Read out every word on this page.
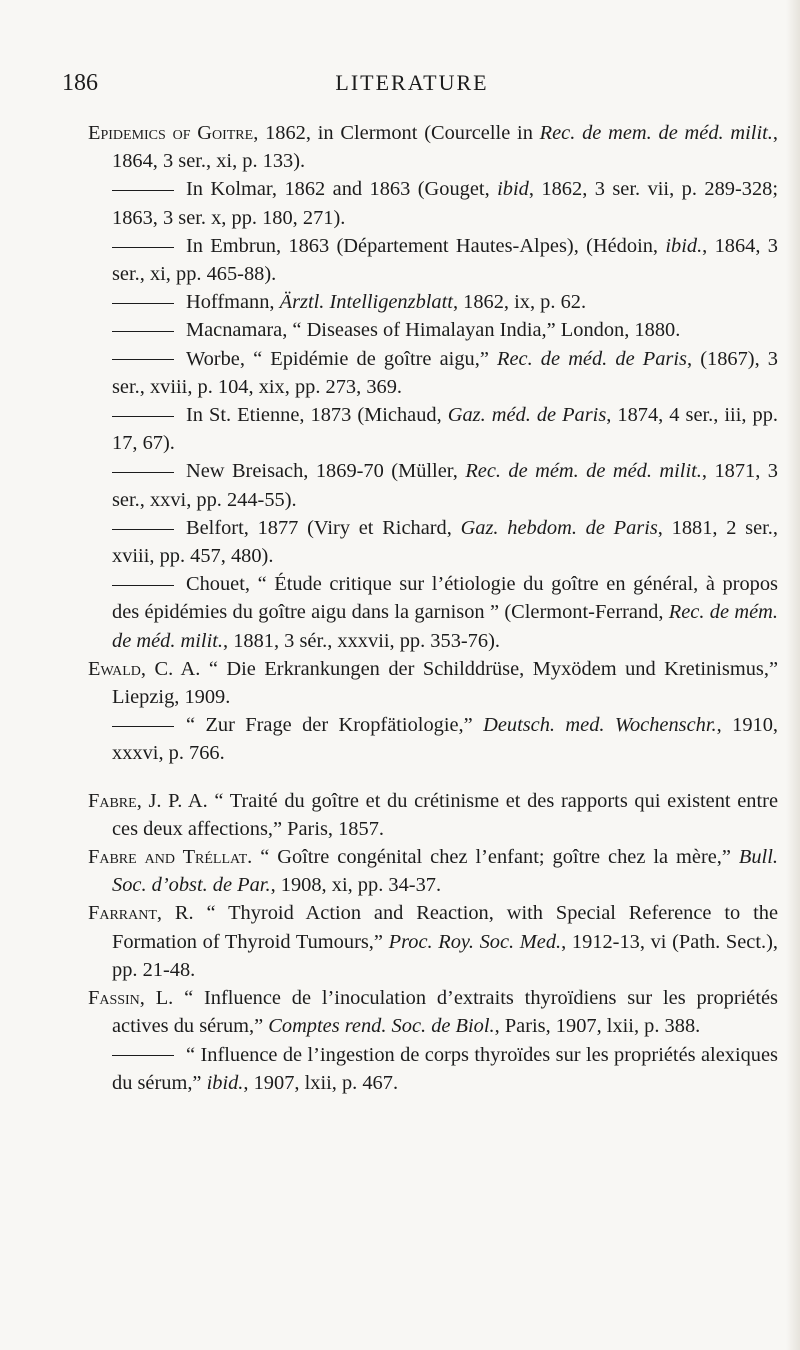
186	LITERATURE
Epidemics of Goitre, 1862, in Clermont (Courcelle in Rec. de mem. de méd. milit., 1864, 3 ser., xi, p. 133).
In Kolmar, 1862 and 1863 (Gouget, ibid, 1862, 3 ser. vii, p. 289-328; 1863, 3 ser. x, pp. 180, 271).
In Embrun, 1863 (Département Hautes-Alpes), (Hédoin, ibid., 1864, 3 ser., xi, pp. 465-88).
Hoffmann, Ärztl. Intelligenzblatt, 1862, ix, p. 62.
Macnamara, “ Diseases of Himalayan India,” London, 1880.
Worbe, “ Epidémie de goître aigu,” Rec. de méd. de Paris, (1867), 3 ser., xviii, p. 104, xix, pp. 273, 369.
In St. Etienne, 1873 (Michaud, Gaz. méd. de Paris, 1874, 4 ser., iii, pp. 17, 67).
New Breisach, 1869-70 (Müller, Rec. de mém. de méd. milit., 1871, 3 ser., xxvi, pp. 244-55).
Belfort, 1877 (Viry et Richard, Gaz. hebdom. de Paris, 1881, 2 ser., xviii, pp. 457, 480).
Chouet, “ Étude critique sur l’étiologie du goître en général, à propos des épidémies du goître aigu dans la garnison ” (Clermont-Ferrand, Rec. de mém. de méd. milit., 1881, 3 sér., xxxvii, pp. 353-76).
Ewald, C. A. “ Die Erkrankungen der Schilddrüse, Myxödem und Kretinismus,” Liepzig, 1909.
“ Zur Frage der Kropfätiologie,” Deutsch. med. Wochenschr., 1910, xxxvi, p. 766.
Fabre, J. P. A. “ Traité du goître et du crétinisme et des rapports qui existent entre ces deux affections,” Paris, 1857.
Fabre and Tréllat. “ Goître congénital chez l’enfant; goître chez la mère,” Bull. Soc. d’obst. de Par., 1908, xi, pp. 34-37.
Farrant, R. “ Thyroid Action and Reaction, with Special Reference to the Formation of Thyroid Tumours,” Proc. Roy. Soc. Med., 1912-13, vi (Path. Sect.), pp. 21-48.
Fassin, L. “ Influence de l’inoculation d’extraits thyroïdiens sur les propriétés actives du sérum,” Comptes rend. Soc. de Biol., Paris, 1907, lxii, p. 388.
“ Influence de l’ingestion de corps thyroïdes sur les propriétés alexiques du sérum,” ibid., 1907, lxii, p. 467.
